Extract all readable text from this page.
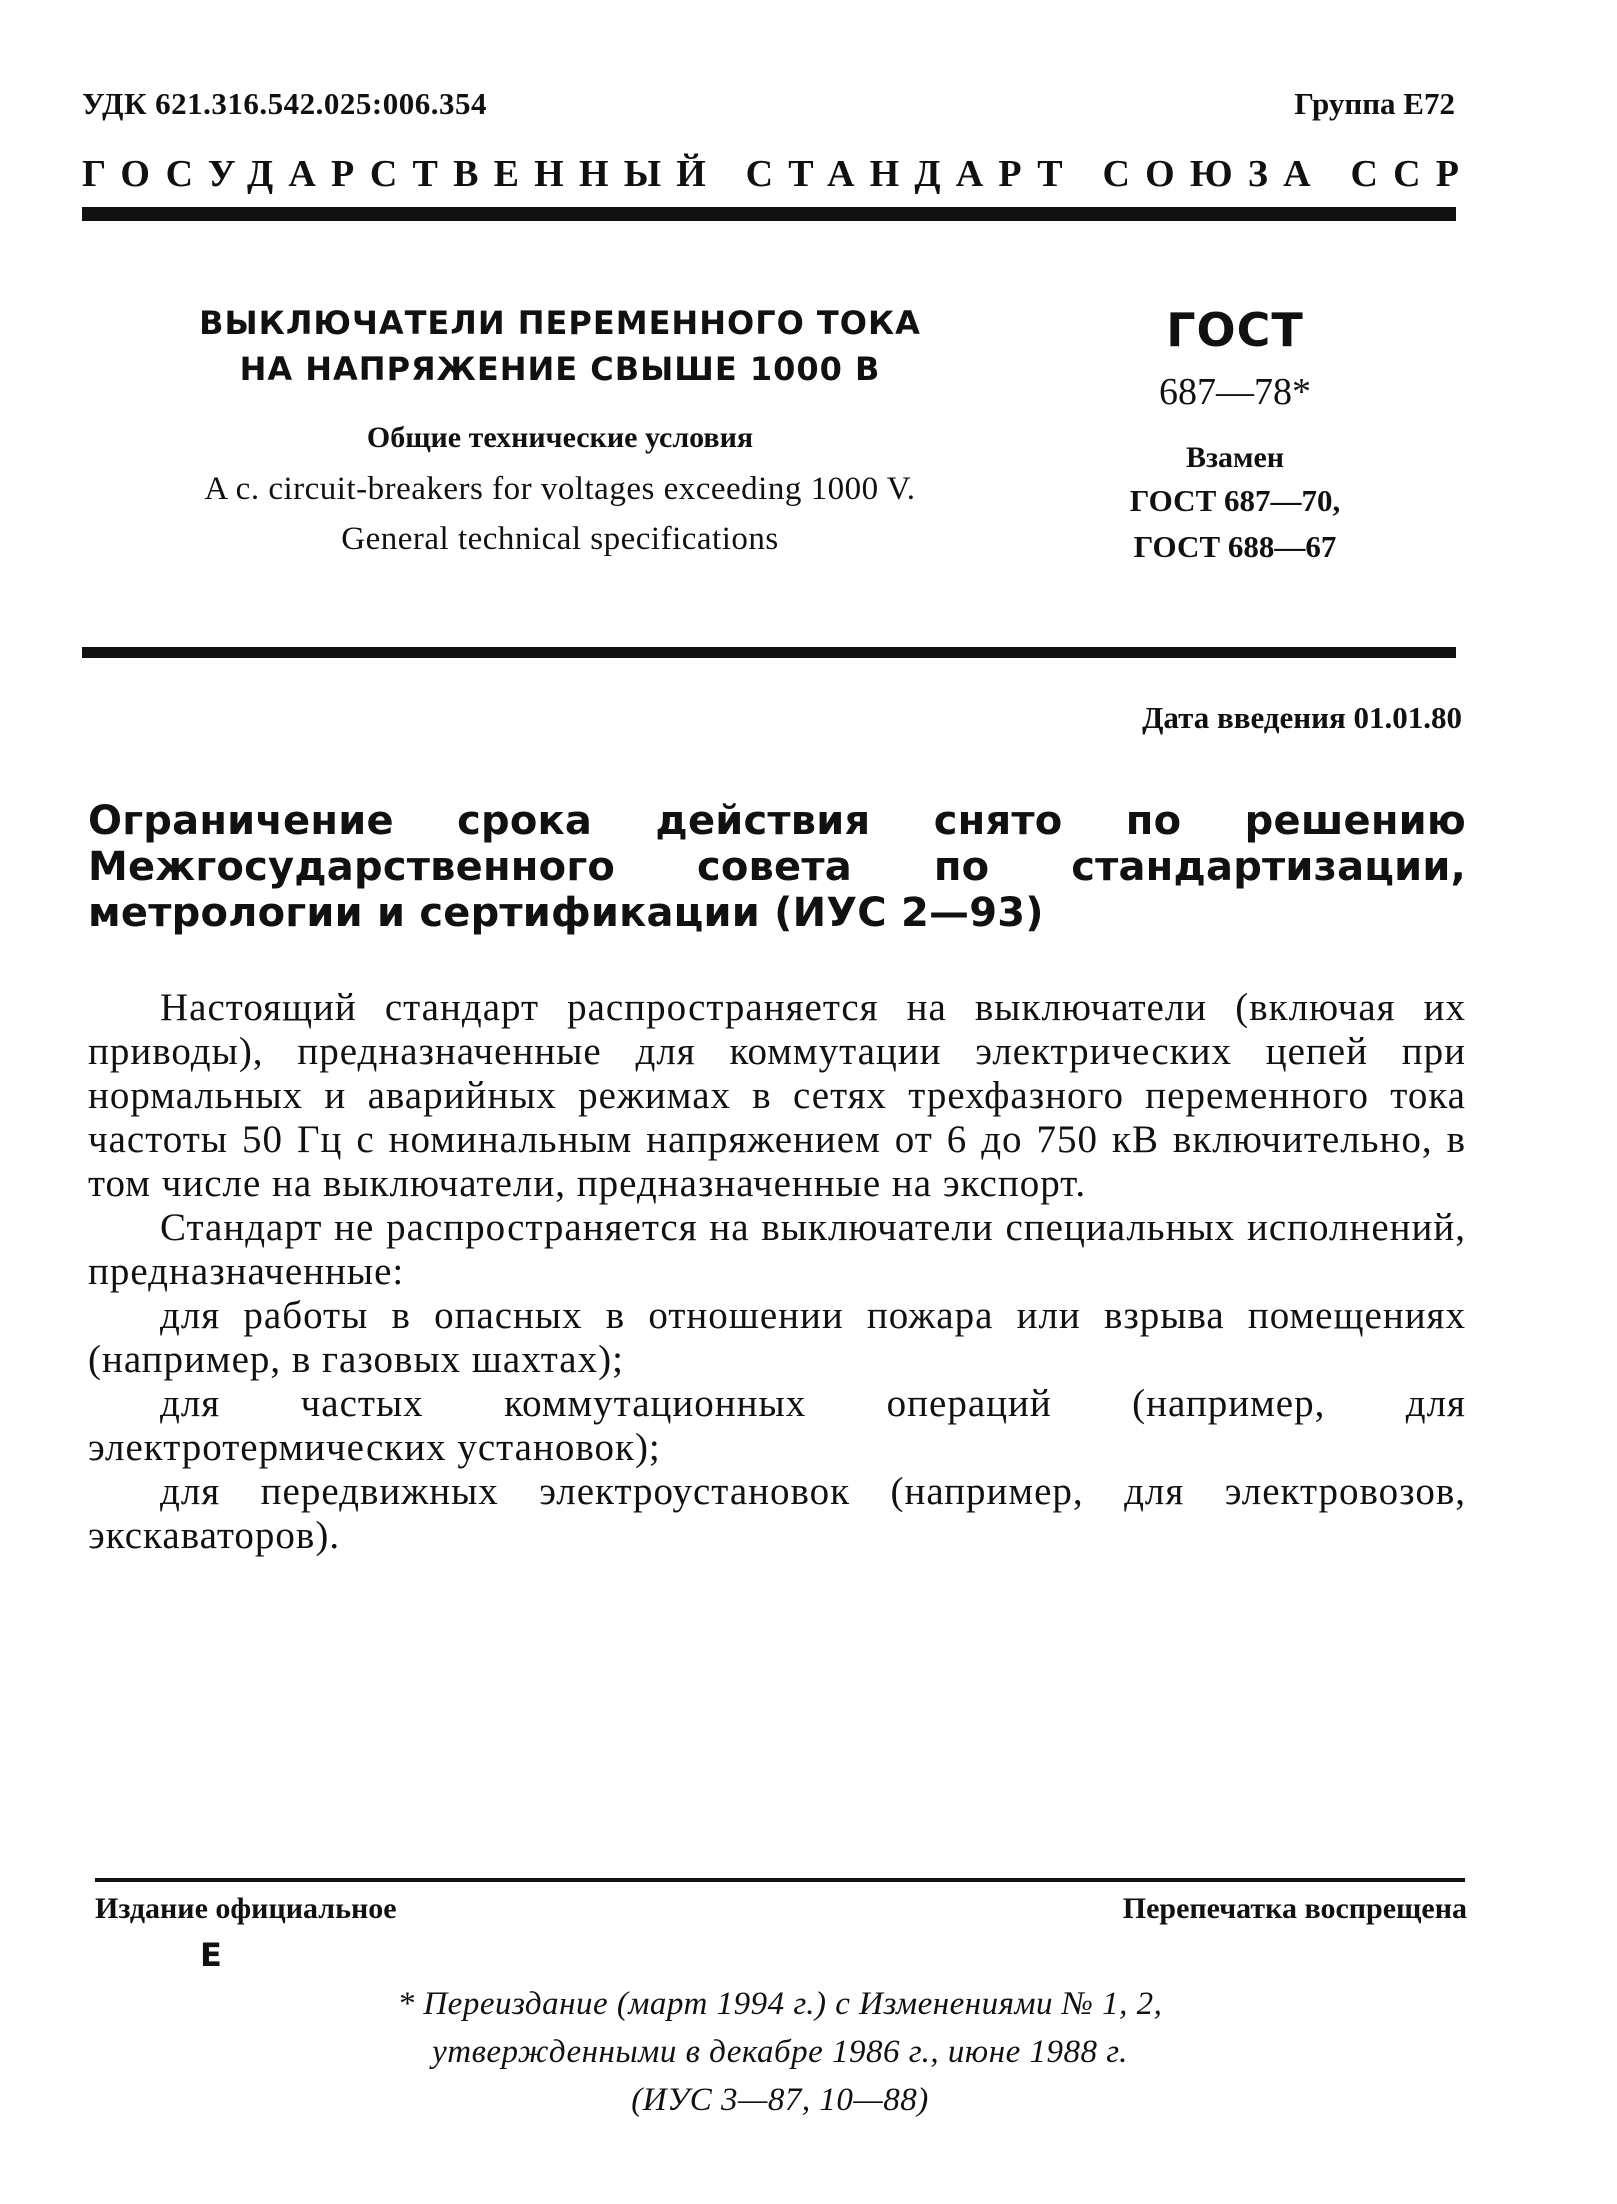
УДК 621.316.542.025:006.354	Группа Е72
ГОСУДАРСТВЕННЫЙ СТАНДАРТ СОЮЗА ССР
ВЫКЛЮЧАТЕЛИ ПЕРЕМЕННОГО ТОКА
НА НАПРЯЖЕНИЕ СВЫШЕ 1000 В
Общие технические условия
A c. circuit-breakers for voltages exceeding 1000 V.
General technical specifications
ГОСТ
687—78*
Взамен
ГОСТ 687—70,
ГОСТ 688—67
Дата введения 01.01.80
Ограничение срока действия снято по решению Межгосударственного совета по стандартизации, метрологии и сертификации (ИУС 2—93)

Настоящий стандарт распространяется на выключатели (включая их приводы), предназначенные для коммутации электрических цепей при нормальных и аварийных режимах в сетях трехфазного переменного тока частоты 50 Гц с номинальным напряжением от 6 до 750 кВ включительно, в том числе на выключатели, предназначенные на экспорт.

Стандарт не распространяется на выключатели специальных исполнений, предназначенные:

для работы в опасных в отношении пожара или взрыва помещениях (например, в газовых шахтах);

для частых коммутационных операций (например, для электротермических установок);

для передвижных электроустановок (например, для электровозов, экскаваторов).

Издание официальное	Перепечатка воспрещена
Е
* Переиздание (март 1994 г.) с Изменениями № 1, 2,
утвержденными в декабре 1986 г., июне 1988 г.
(ИУС 3—87, 10—88)
